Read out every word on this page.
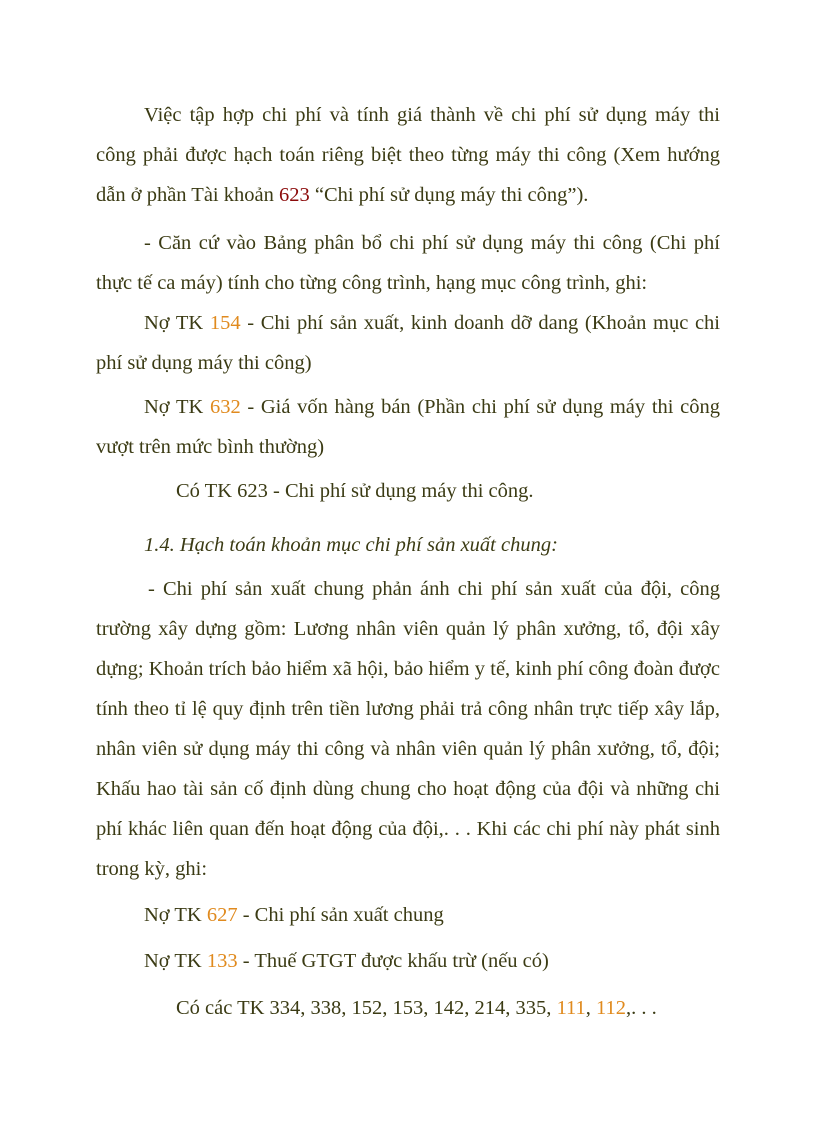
Việc tập hợp chi phí và tính giá thành về chi phí sử dụng máy thi công phải được hạch toán riêng biệt theo từng máy thi công (Xem hướng dẫn ở phần Tài khoản 623 “Chi phí sử dụng máy thi công”).

- Căn cứ vào Bảng phân bổ chi phí sử dụng máy thi công (Chi phí thực tế ca máy) tính cho từng công trình, hạng mục công trình, ghi:

Nợ TK 154 - Chi phí sản xuất, kinh doanh dỡ dang (Khoản mục chi phí sử dụng máy thi công)

Nợ TK 632 - Giá vốn hàng bán (Phần chi phí sử dụng máy thi công vượt trên mức bình thường)

Có TK 623 - Chi phí sử dụng máy thi công.

1.4. Hạch toán khoản mục chi phí sản xuất chung:

- Chi phí sản xuất chung phản ánh chi phí sản xuất của đội, công trường xây dựng gồm: Lương nhân viên quản lý phân xưởng, tổ, đội xây dựng; Khoản trích bảo hiểm xã hội, bảo hiểm y tế, kinh phí công đoàn được tính theo tỉ lệ quy định trên tiền lương phải trả công nhân trực tiếp xây lắp, nhân viên sử dụng máy thi công và nhân viên quản lý phân xưởng, tổ, đội; Khấu hao tài sản cố định dùng chung cho hoạt động của đội và những chi phí khác liên quan đến hoạt động của đội,. . . Khi các chi phí này phát sinh trong kỳ, ghi:

Nợ TK 627 - Chi phí sản xuất chung

Nợ TK 133 - Thuế GTGT được khấu trừ (nếu có)

Có các TK 334, 338, 152, 153, 142, 214, 335, 111, 112,. . .
